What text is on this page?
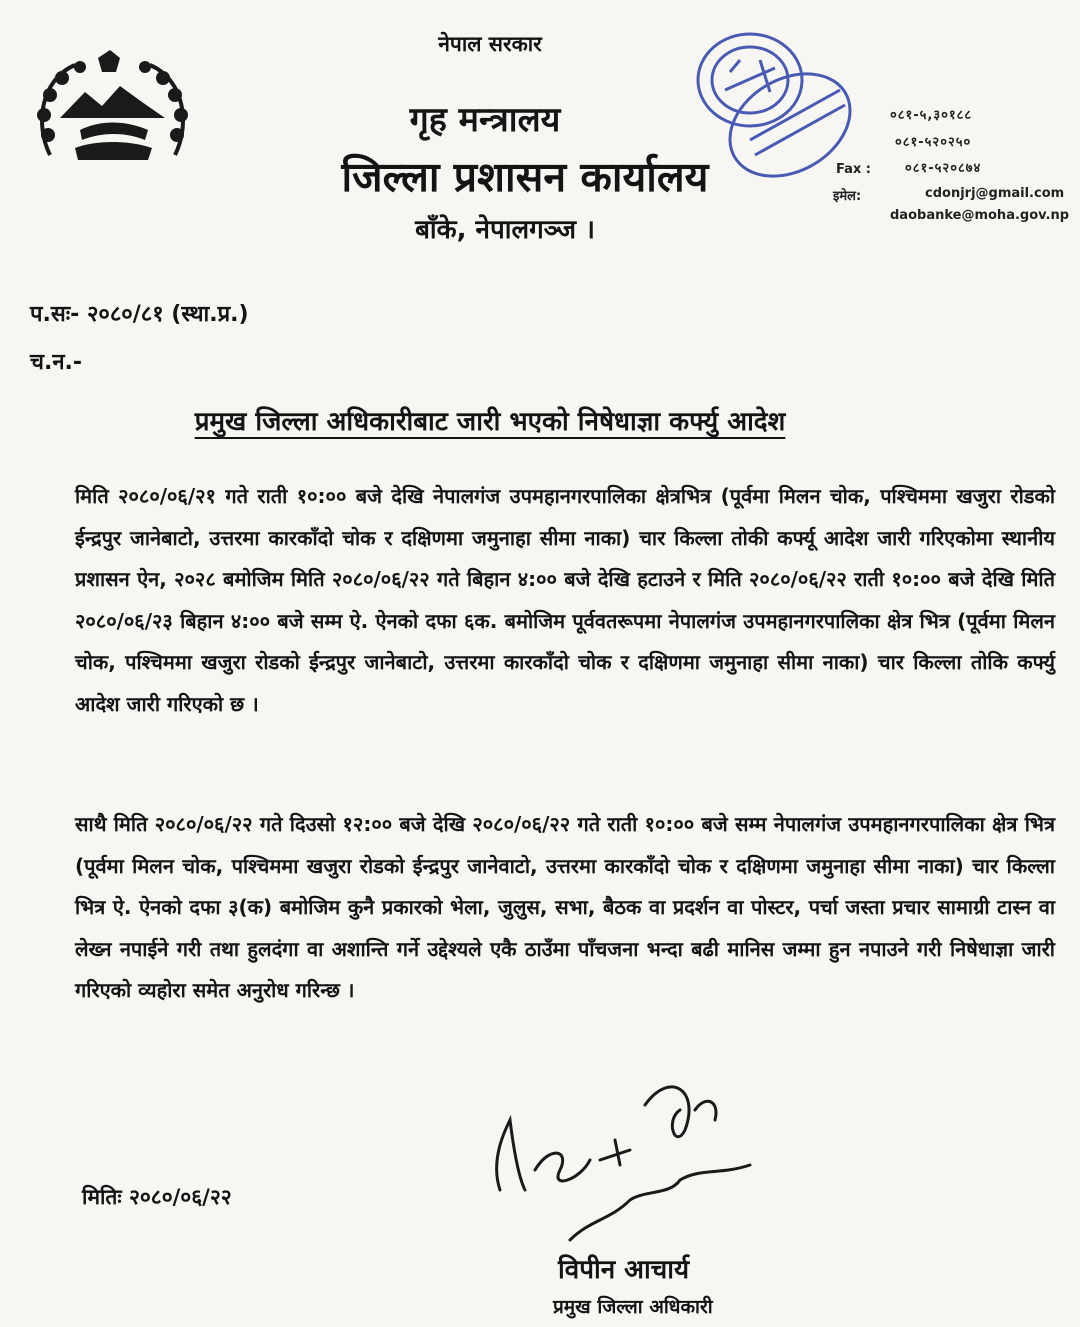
नेपाल सरकार
गृह मन्त्रालय
जिल्ला प्रशासन कार्यालय
बाँके, नेपालगञ्ज ।
०८१-५,३०१८८
०८१-५२०२५०
Fax :	०८१-५२०८७४
इमेल:	cdonjrj@gmail.com
daobanke@moha.gov.np
प.सः- २०८०/८१ (स्था.प्र.)
च.न.-
प्रमुख जिल्ला अधिकारीबाट जारी भएको निषेधाज्ञा कर्फ्यु आदेश
मिति २०८०/०६/२१ गते राती १०:०० बजे देखि नेपालगंज उपमहानगरपालिका क्षेत्रभित्र (पूर्वमा मिलन चोक, पश्चिममा खजुरा रोडको ईन्द्रपुर जानेबाटो, उत्तरमा कारकाँदो चोक र दक्षिणमा जमुनाहा सीमा नाका) चार किल्ला तोकी कर्फ्यू आदेश जारी गरिएकोमा स्थानीय प्रशासन ऐन, २०२८ बमोजिम मिति २०८०/०६/२२ गते बिहान ४:०० बजे देखि हटाउने र मिति २०८०/०६/२२ राती १०:०० बजे देखि मिति २०८०/०६/२३ बिहान ४:०० बजे सम्म ऐ. ऐनको दफा ६क. बमोजिम पूर्ववतरूपमा नेपालगंज उपमहानगरपालिका क्षेत्र भित्र (पूर्वमा मिलन चोक, पश्चिममा खजुरा रोडको ईन्द्रपुर जानेबाटो, उत्तरमा कारकाँदो चोक र दक्षिणमा जमुनाहा सीमा नाका) चार किल्ला तोकि कर्फ्यु आदेश जारी गरिएको छ ।
साथै मिति २०८०/०६/२२ गते दिउसो १२:०० बजे देखि २०८०/०६/२२ गते राती १०:०० बजे सम्म नेपालगंज उपमहानगरपालिका क्षेत्र भित्र (पूर्वमा मिलन चोक, पश्चिममा खजुरा रोडको ईन्द्रपुर जानेवाटो, उत्तरमा कारकाँदो चोक र दक्षिणमा जमुनाहा सीमा नाका) चार किल्ला भित्र ऐ. ऐनको दफा ३(क) बमोजिम कुनै प्रकारको भेला, जुलुस, सभा, बैठक वा प्रदर्शन वा पोस्टर, पर्चा जस्ता प्रचार सामाग्री टास्न वा लेख्न नपाईने गरी तथा हुलदंगा वा अशान्ति गर्ने उद्देश्यले एकै ठाउँमा पाँचजना भन्दा बढी मानिस जम्मा हुन नपाउने गरी निषेधाज्ञा जारी गरिएको व्यहोरा समेत अनुरोध गरिन्छ ।
मितिः २०८०/०६/२२
विपीन आचार्य
प्रमुख जिल्ला अधिकारी
